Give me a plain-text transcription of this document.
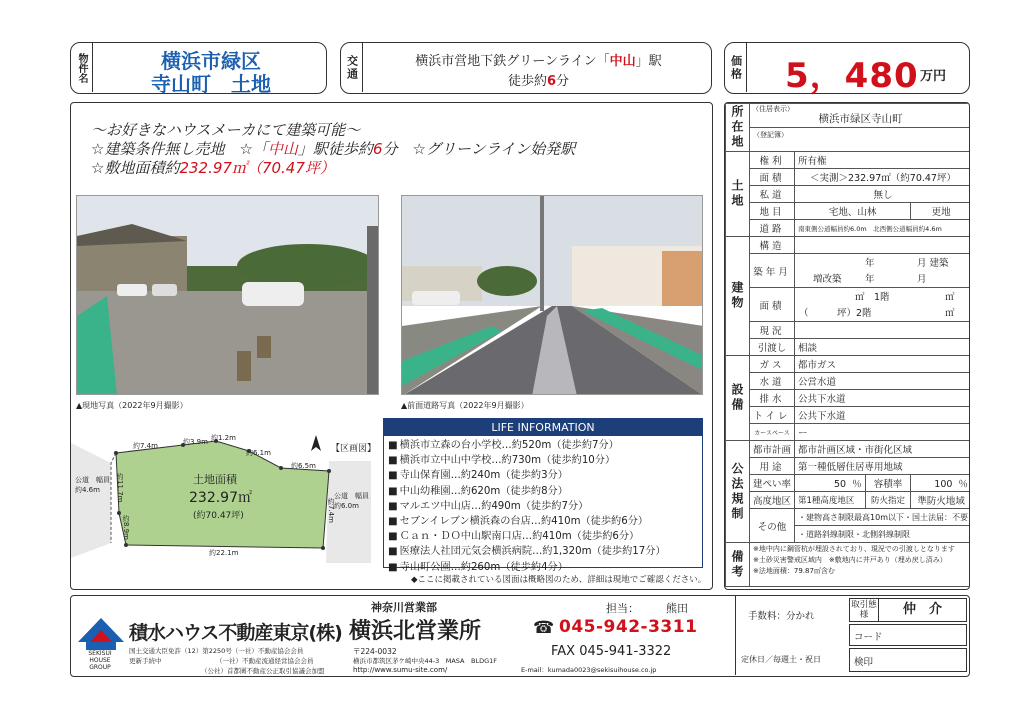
物件名	横浜市緑区
寺山町　土地
交通	横浜市営地下鉄グリーンライン「中山」駅
徒歩約6分
価格 5，480 万円
～お好きなハウスメーカにて建築可能～
☆建築条件無し売地　☆「中山」駅徒歩約6分　☆グリーンライン始発駅
☆敷地面積約232.97㎡（70.47坪）
▲現地写真（2022年9月撮影）	▲前面道路写真（2022年9月撮影）
【区画図】
土地面積
232.97㎡
(約70.47坪)
公道　幅員
約4.6m
公道　幅員
約6.0m
約7.4m	約3.9m 約1.2m
約6.1m
約6.5m
約22.1m
約8.9m
約11.7m
約7.4m
LIFE INFORMATION
■ 横浜市立森の台小学校…約520m（徒歩約7分）
■ 横浜市立中山中学校…約730m（徒歩約10分）
■ 寺山保育園…約240m（徒歩約3分）
■ 中山幼稚園…約620m（徒歩約8分）
■ マルエツ中山店…約490m（徒歩約7分）
■ セブンイレブン横浜森の台店…約410m（徒歩約6分）
■ Ｃａｎ・ＤＯ中山駅南口店…約410m（徒歩約6分）
■ 医療法人社団元気会横浜病院…約1,320m（徒歩約17分）
■ 寺山町公園…約260m（徒歩約4分）
◆ここに掲載されている図面は概略図のため、詳細は現地でご確認ください。
所在地	（住居表示）
横浜市緑区寺山町			

	（登記簿）			
土地	権利	所有権		
	面積	＜実測＞232.97㎡（約70.47坪）		
	私道	無し		
	地目	宅地、山林		更地
	道路	南東側公道幅員約6.0m　北西側公道幅員約4.6m		
建物	構造			
	築年月	年 月 建築
増改築 年 月		

	面積	㎡　1階 ㎡
（　　　坪）2階 ㎡		

	現況			
	引渡し	相談		
設備	ガス	都市ガス		
	水道	公営水道		
	排水	公共下水道		
	トイレ	公共下水道		
	カースペース	ー		
公法規制	都市計画	都市計画区域・市街化区域		
	用途	第一種低層住居専用地域		
	建ぺい率	50 ％	容積率	100 ％
	高度地区	第1種高度地区	防火指定	準防火地域
	その他	・建物高さ制限最高10m以下・国土法届：不要		
		・道路斜線制限・北側斜線制限		
備考	※地中内に鋼管杭が埋設されており、現況での引渡しとなります
※土砂災害警戒区域内　※敷地内に井戸あり（埋め戻し済み）
※法地面積：79.87㎡含む			
SEKISUI HOUSE
GROUP
積水ハウス不動産東京(株)
神奈川営業部
横浜北営業所
国土交通大臣免許（12）第2250号（一社）不動産協会会員
更新手続中	（一社）不動産流通経営協会会員
（公社）首都圏不動産公正取引協議会加盟
〒224-0032
横浜市都筑区茅ケ崎中央44-3　MASA　BLDG1F
http://www.sumu-site.com/
担当： 熊田
☎ 045-942-3311
FAX 045-941-3322
E-mail：kumada0023@sekisuihouse.co.jp
手数料：分かれ
定休日／毎週土・祝日
取引態様	仲　介
コード
検印
